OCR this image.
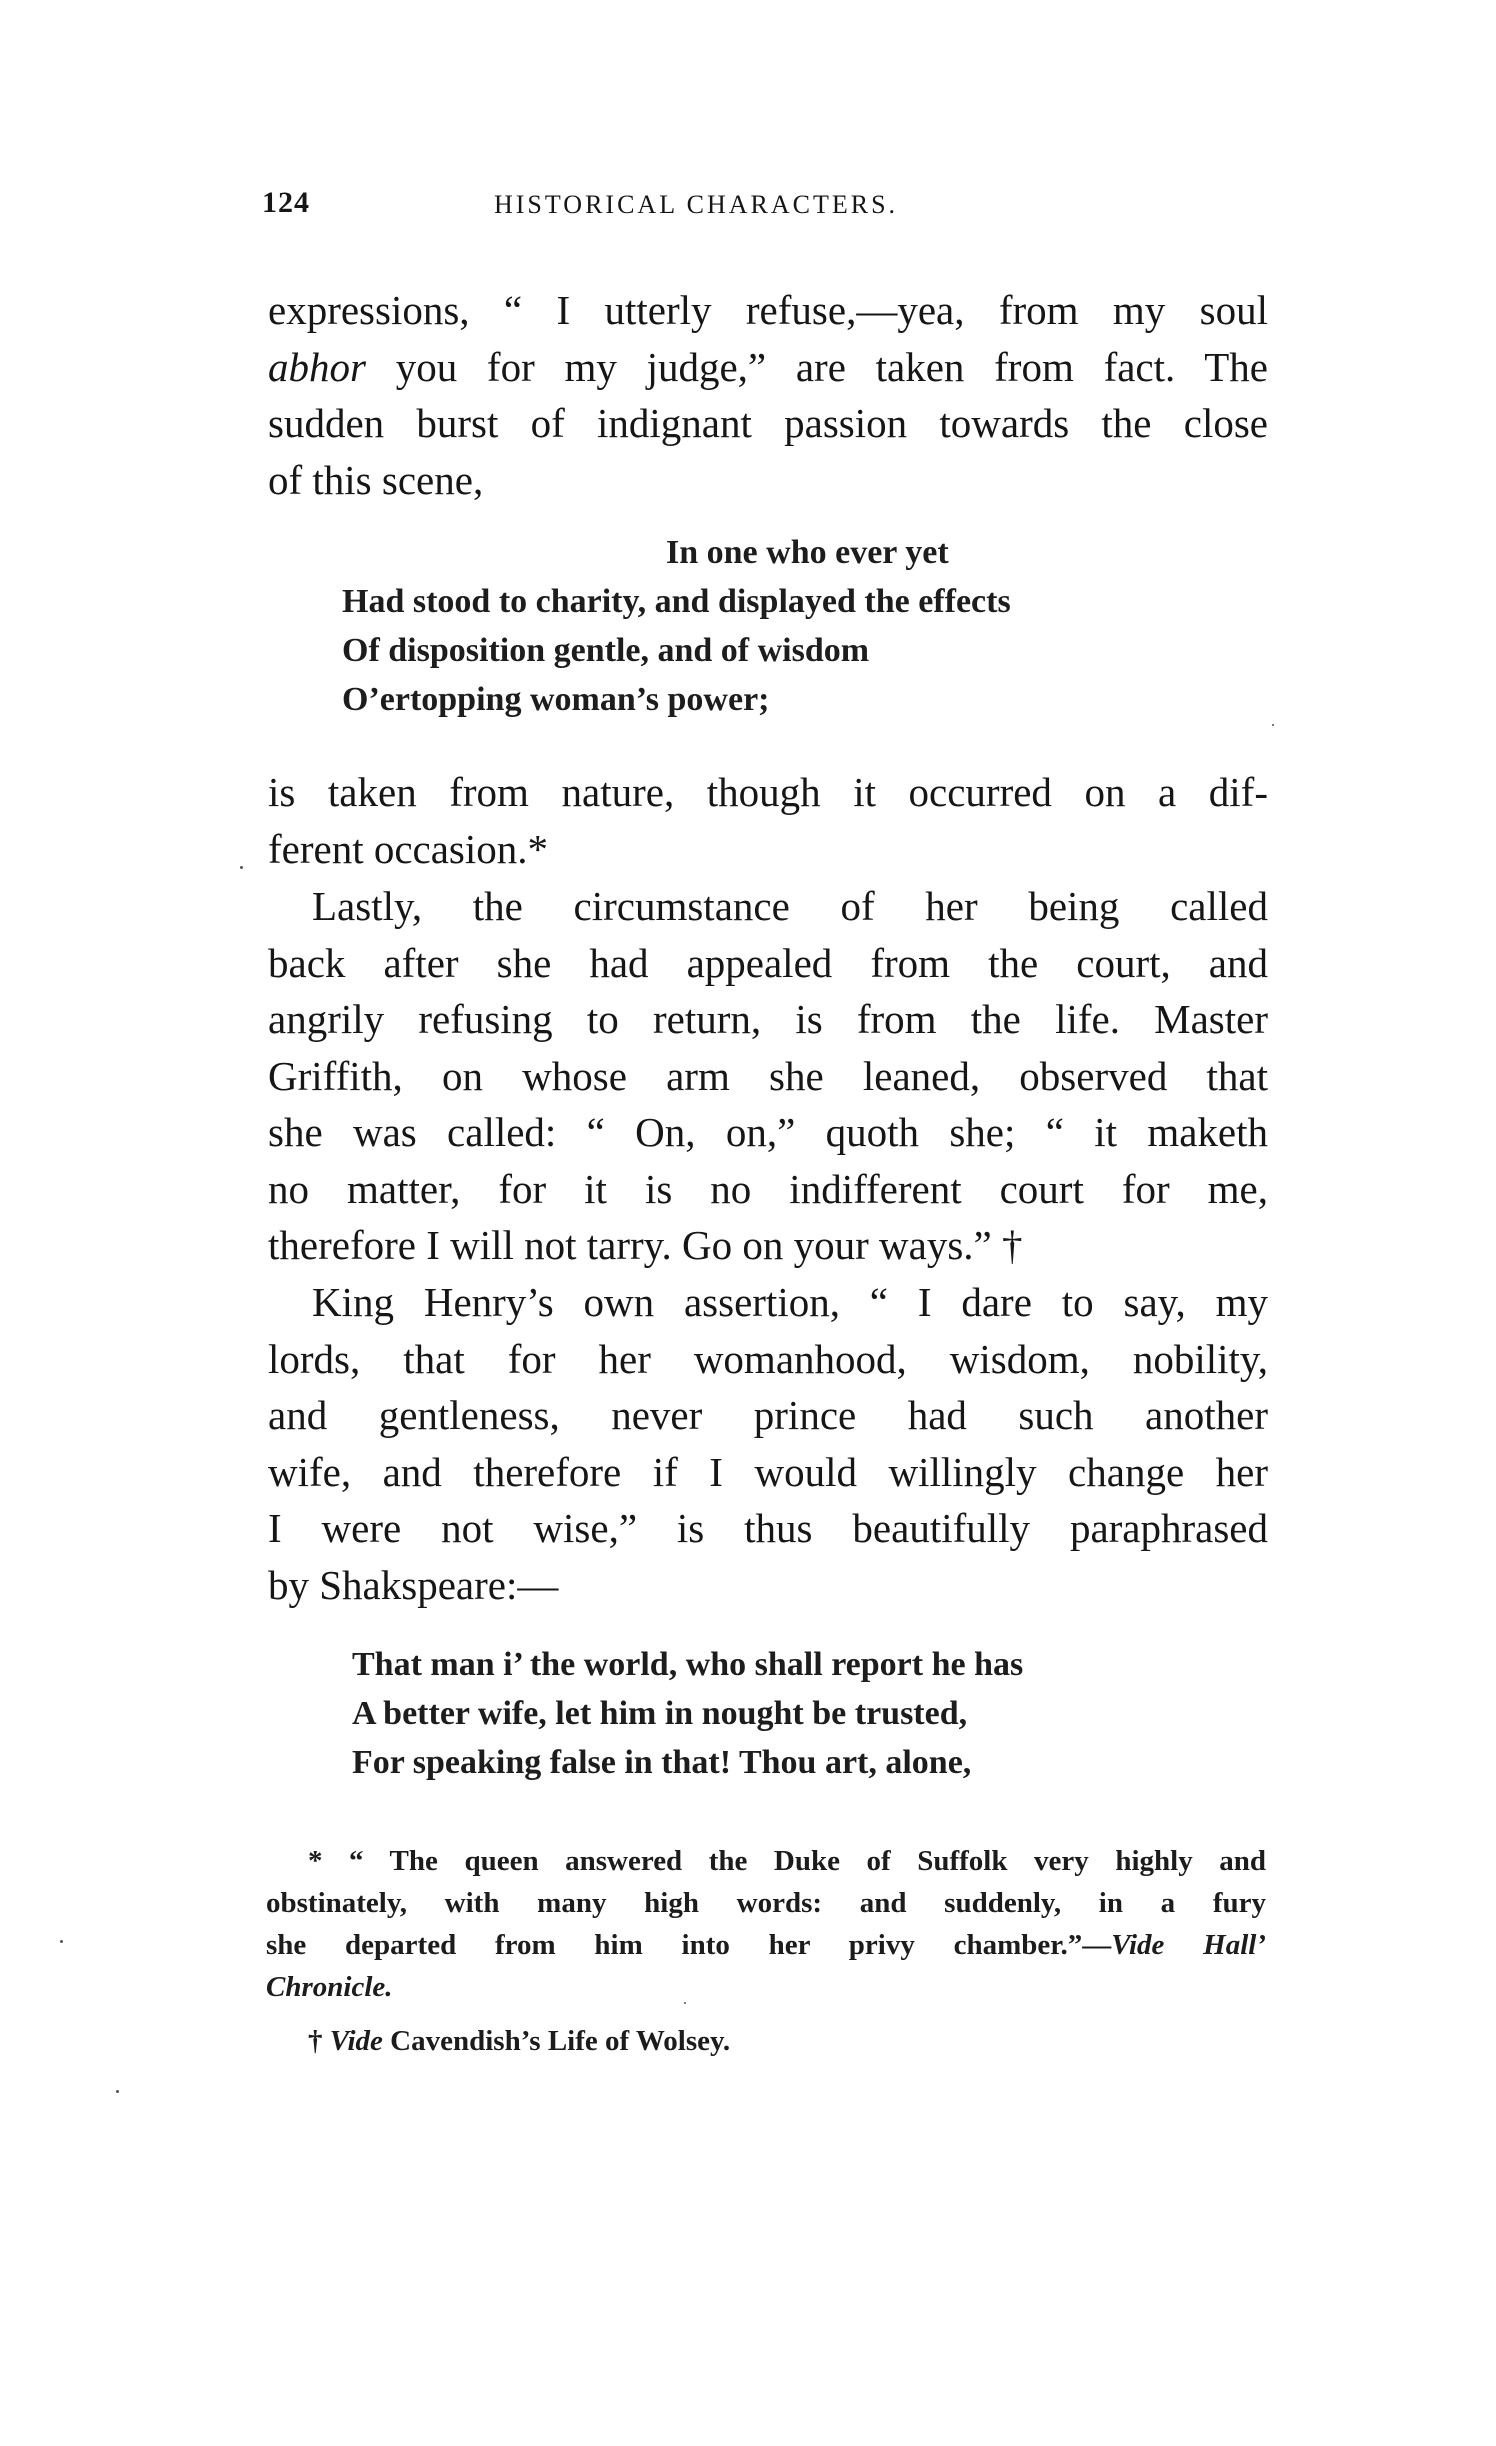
124	HISTORICAL CHARACTERS.
expressions, “ I utterly refuse,—yea, from my soul
abhor you for my judge,” are taken from fact. The
sudden burst of indignant passion towards the close
of this scene,
In one who ever yet
Had stood to charity, and displayed the effects
Of disposition gentle, and of wisdom
O’ertopping woman’s power;
is taken from nature, though it occurred on a dif-
ferent occasion.*
Lastly, the circumstance of her being called
back after she had appealed from the court, and
angrily refusing to return, is from the life. Master
Griffith, on whose arm she leaned, observed that
she was called: “ On, on,” quoth she; “ it maketh
no matter, for it is no indifferent court for me,
therefore I will not tarry. Go on your ways.” †
King Henry’s own assertion, “ I dare to say, my
lords, that for her womanhood, wisdom, nobility,
and gentleness, never prince had such another
wife, and therefore if I would willingly change her
I were not wise,” is thus beautifully paraphrased
by Shakspeare:—
That man i’ the world, who shall report he has
A better wife, let him in nought be trusted,
For speaking false in that! Thou art, alone,
* “ The queen answered the Duke of Suffolk very highly and
obstinately, with many high words: and suddenly, in a fury
she departed from him into her privy chamber.”—Vide Hall’
Chronicle.
† Vide Cavendish’s Life of Wolsey.
